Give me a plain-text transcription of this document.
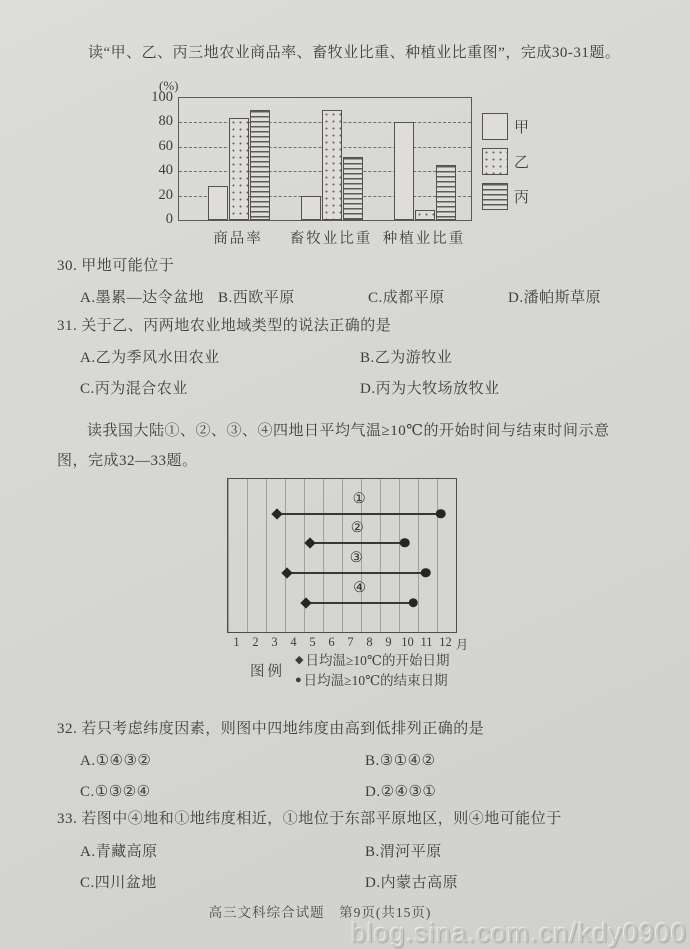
读“甲、乙、丙三地农业商品率、畜牧业比重、种植业比重图”，完成30-31题。

(%)
0
20
40
60
80
100
商品率	畜牧业比重 种植业比重
甲
乙
丙
30. 甲地可能位于
A.墨累—达令盆地 B.西欧平原	C.成都平原	D.潘帕斯草原
31. 关于乙、丙两地农业地域类型的说法正确的是
A.乙为季风水田农业	B.乙为游牧业
C.丙为混合农业	D.丙为大牧场放牧业

读我国大陆①、②、③、④四地日平均气温≥10℃的开始时间与结束时间示意图，完成32—33题。

①
②
③
④
1	2	3	4	5	6	7	8	9 10 11 12 月
图例
◆ 日均温≥10℃的开始日期
● 日均温≥10℃的结束日期
32. 若只考虑纬度因素，则图中四地纬度由高到低排列正确的是
A.①④③②	B.③①④②
C.①③②④	D.②④③①
33. 若图中④地和①地纬度相近，①地位于东部平原地区，则④地可能位于
A.青藏高原	B.渭河平原
C.四川盆地	D.内蒙古高原
高三文科综合试题　第9页(共15页)
blog.sina.com.cn/kdy0900
